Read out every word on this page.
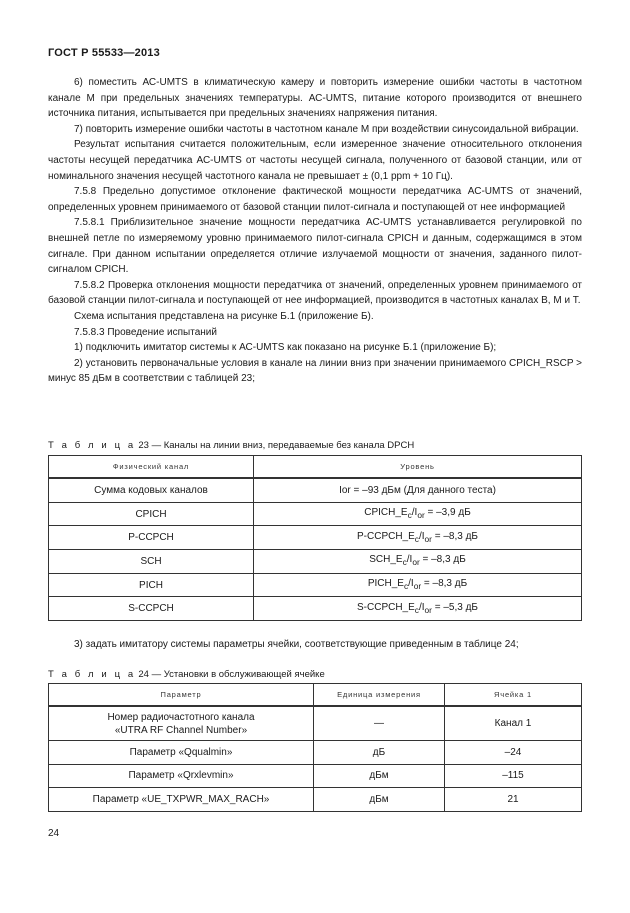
ГОСТ Р 55533—2013

6) поместить АС-UMTS в климатическую камеру и повторить измерение ошибки частоты в частотном канале М при предельных значениях температуры. АС-UMTS, питание которого производится от внешнего источника питания, испытывается при предельных значениях напряжения питания.

7) повторить измерение ошибки частоты в частотном канале М при воздействии синусоидальной вибрации.

Результат испытания считается положительным, если измеренное значение относительного отклонения частоты несущей передатчика АС-UMTS от частоты несущей сигнала, полученного от базовой станции, или от номинального значения несущей частотного канала не превышает ± (0,1 ppm + 10 Гц).

7.5.8 Предельно допустимое отклонение фактической мощности передатчика АС-UMTS от значений, определенных уровнем принимаемого от базовой станции пилот-сигнала и поступающей от нее информацией

7.5.8.1 Приблизительное значение мощности передатчика АС-UMTS устанавливается регулировкой по внешней петле по измеряемому уровню принимаемого пилот-сигнала СPICH и данным, содержащимся в этом сигнале. При данном испытании определяется отличие излучаемой мощности от значения, заданного пилот-сигналом СPICH.

7.5.8.2 Проверка отклонения мощности передатчика от значений, определенных уровнем принимаемого от базовой станции пилот-сигнала и поступающей от нее информацией, производится в частотных каналах В, М и Т.

Схема испытания представлена на рисунке Б.1 (приложение Б).

7.5.8.3 Проведение испытаний

1) подключить имитатор системы к АС-UMTS как показано на рисунке Б.1 (приложение Б);

2) установить первоначальные условия в канале на линии вниз при значении принимаемого CPICH_RSCP > минус 85 дБм в соответствии с таблицей 23;

Т а б л и ц а 23 — Каналы на линии вниз, передаваемые без канала DPCH
Физический канал	Уровень
Сумма кодовых каналов	Ior = –93 дБм (Для данного теста)
CPICH	$CPICH\_E_c/I_{or} = -3,9$ дБ
P-CCPCH	$P-CCPCH\_E_c/I_{or} = -8,3$ дБ
SCH	$SCH\_E_c/I_{or} = -8,3$ дБ
PICH	$PICH\_E_c/I_{or} = -8,3$ дБ
S-CCPCH	$S-CCPCH\_E_c/I_{or} = -5,3$ дБ
3) задать имитатору системы параметры ячейки, соответствующие приведенным в таблице 24;
Т а б л и ц а 24 — Установки в обслуживающей ячейке
Параметр	Единица измерения	Ячейка 1
Номер радиочастотного канала
«UTRA RF Channel Number»	—	Канал 1
Параметр «Qqualmin»	дБ	–24
Параметр «Qrxlevmin»	дБм	–115
Параметр «UE_TXPWR_MAX_RACH»	дБм	21
24
